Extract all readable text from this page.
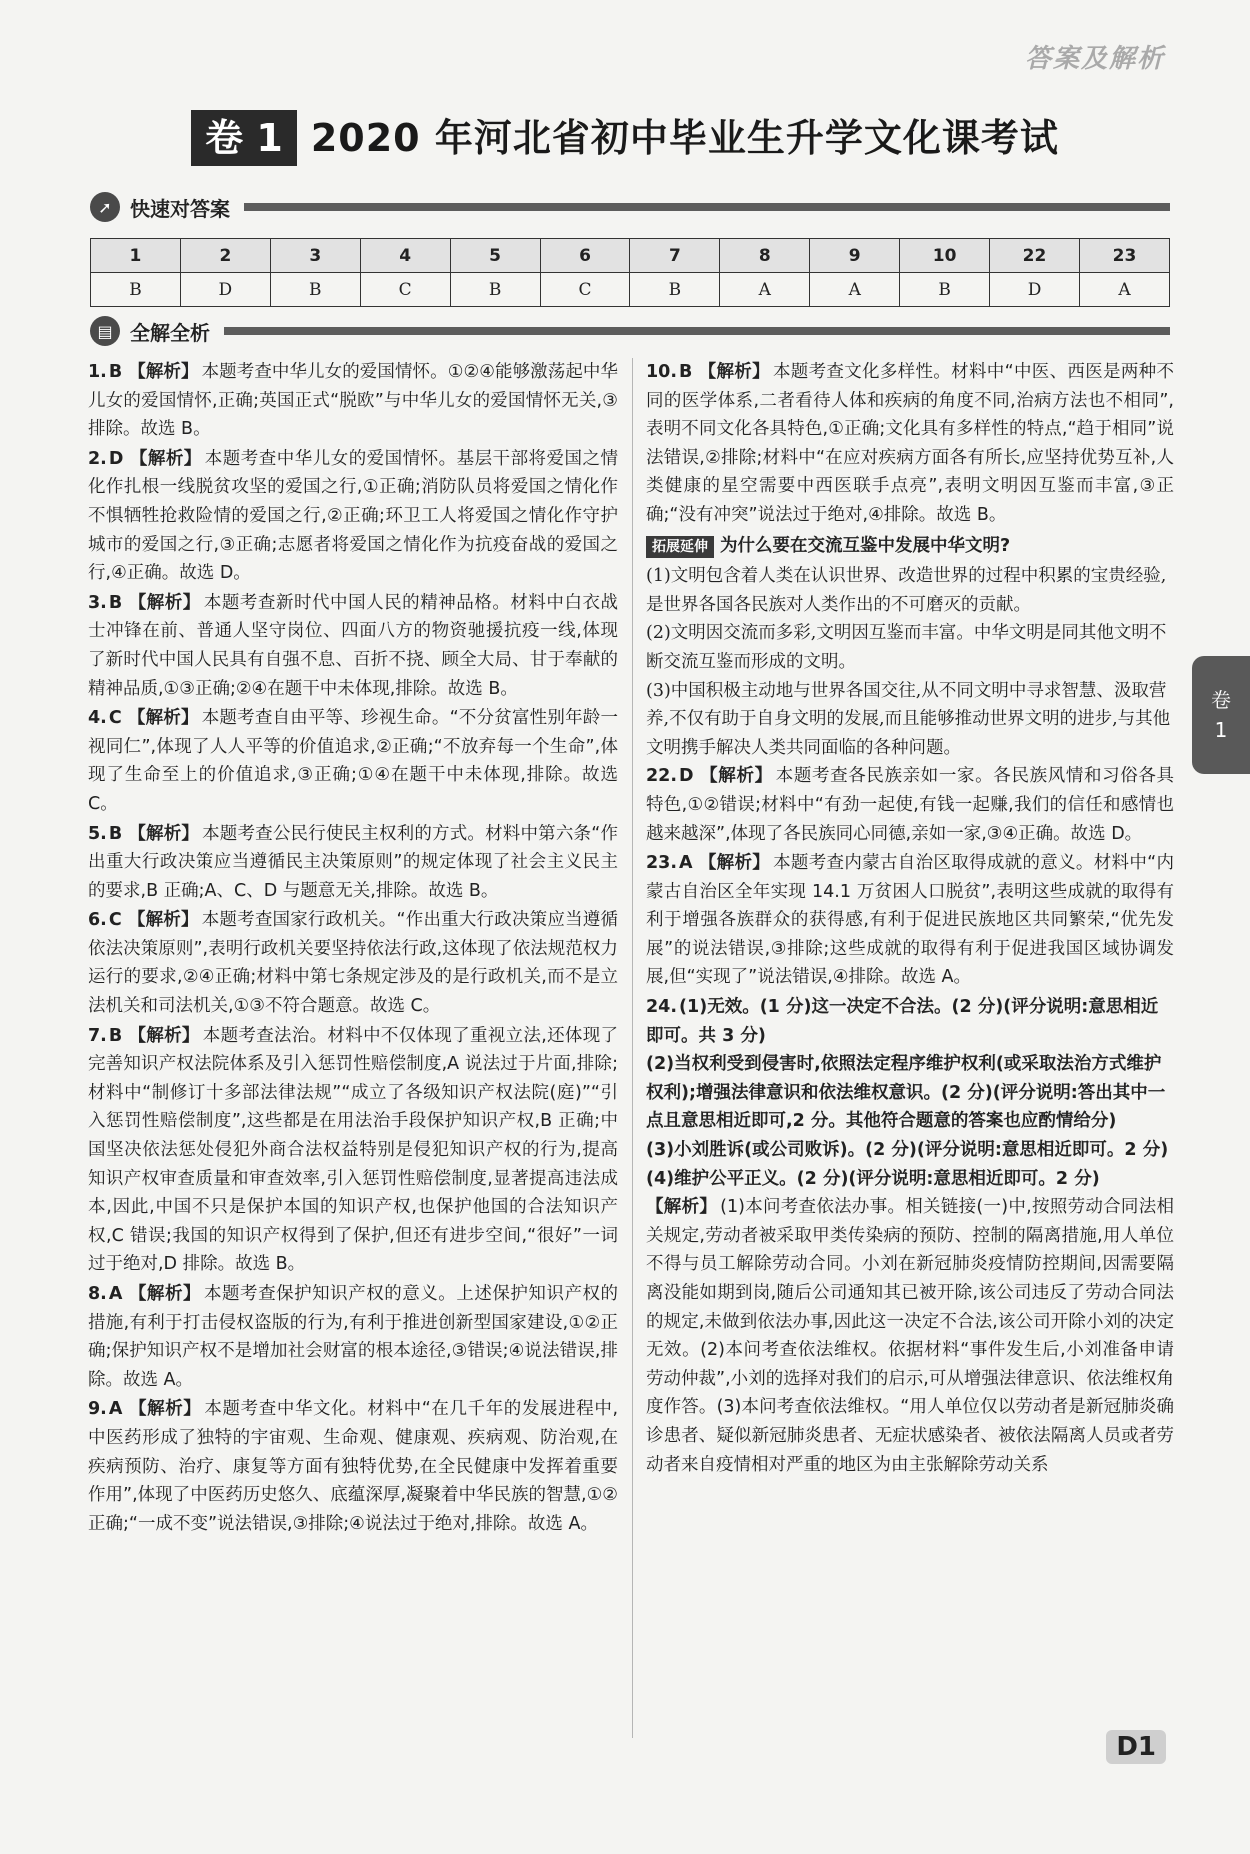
答案及解析
卷 1 2020 年河北省初中毕业生升学文化课考试
➚ 快速对答案
1	2	3	4	5	6	7	8	9	10	22	23
B	D	B	C	B	C	B	A	A	B	D	A
▤ 全解全析

1. B 【解析】 本题考查中华儿女的爱国情怀。①②④能够激荡起中华儿女的爱国情怀,正确;英国正式“脱欧”与中华儿女的爱国情怀无关,③排除。故选 B。

2. D 【解析】 本题考查中华儿女的爱国情怀。基层干部将爱国之情化作扎根一线脱贫攻坚的爱国之行,①正确;消防队员将爱国之情化作不惧牺牲抢救险情的爱国之行,②正确;环卫工人将爱国之情化作守护城市的爱国之行,③正确;志愿者将爱国之情化作为抗疫奋战的爱国之行,④正确。故选 D。

3. B 【解析】 本题考查新时代中国人民的精神品格。材料中白衣战士冲锋在前、普通人坚守岗位、四面八方的物资驰援抗疫一线,体现了新时代中国人民具有自强不息、百折不挠、顾全大局、甘于奉献的精神品质,①③正确;②④在题干中未体现,排除。故选 B。

4. C 【解析】 本题考查自由平等、珍视生命。“不分贫富性别年龄一视同仁”,体现了人人平等的价值追求,②正确;“不放弃每一个生命”,体现了生命至上的价值追求,③正确;①④在题干中未体现,排除。故选 C。

5. B 【解析】 本题考查公民行使民主权利的方式。材料中第六条“作出重大行政决策应当遵循民主决策原则”的规定体现了社会主义民主的要求,B 正确;A、C、D 与题意无关,排除。故选 B。

6. C 【解析】 本题考查国家行政机关。“作出重大行政决策应当遵循依法决策原则”,表明行政机关要坚持依法行政,这体现了依法规范权力运行的要求,②④正确;材料中第七条规定涉及的是行政机关,而不是立法机关和司法机关,①③不符合题意。故选 C。

7. B 【解析】 本题考查法治。材料中不仅体现了重视立法,还体现了完善知识产权法院体系及引入惩罚性赔偿制度,A 说法过于片面,排除;材料中“制修订十多部法律法规”“成立了各级知识产权法院(庭)”“引入惩罚性赔偿制度”,这些都是在用法治手段保护知识产权,B 正确;中国坚决依法惩处侵犯外商合法权益特别是侵犯知识产权的行为,提高知识产权审查质量和审查效率,引入惩罚性赔偿制度,显著提高违法成本,因此,中国不只是保护本国的知识产权,也保护他国的合法知识产权,C 错误;我国的知识产权得到了保护,但还有进步空间,“很好”一词过于绝对,D 排除。故选 B。

8. A 【解析】 本题考查保护知识产权的意义。上述保护知识产权的措施,有利于打击侵权盗版的行为,有利于推进创新型国家建设,①②正确;保护知识产权不是增加社会财富的根本途径,③错误;④说法错误,排除。故选 A。

9. A 【解析】 本题考查中华文化。材料中“在几千年的发展进程中,中医药形成了独特的宇宙观、生命观、健康观、疾病观、防治观,在疾病预防、治疗、康复等方面有独特优势,在全民健康中发挥着重要作用”,体现了中医药历史悠久、底蕴深厚,凝聚着中华民族的智慧,①②正确;“一成不变”说法错误,③排除;④说法过于绝对,排除。故选 A。

10. B 【解析】 本题考查文化多样性。材料中“中医、西医是两种不同的医学体系,二者看待人体和疾病的角度不同,治病方法也不相同”,表明不同文化各具特色,①正确;文化具有多样性的特点,“趋于相同”说法错误,②排除;材料中“在应对疾病方面各有所长,应坚持优势互补,人类健康的星空需要中西医联手点亮”,表明文明因互鉴而丰富,③正确;“没有冲突”说法过于绝对,④排除。故选 B。

拓展延伸 为什么要在交流互鉴中发展中华文明?

(1)文明包含着人类在认识世界、改造世界的过程中积累的宝贵经验,是世界各国各民族对人类作出的不可磨灭的贡献。

(2)文明因交流而多彩,文明因互鉴而丰富。中华文明是同其他文明不断交流互鉴而形成的文明。

(3)中国积极主动地与世界各国交往,从不同文明中寻求智慧、汲取营养,不仅有助于自身文明的发展,而且能够推动世界文明的进步,与其他文明携手解决人类共同面临的各种问题。

22. D 【解析】 本题考查各民族亲如一家。各民族风情和习俗各具特色,①②错误;材料中“有劲一起使,有钱一起赚,我们的信任和感情也越来越深”,体现了各民族同心同德,亲如一家,③④正确。故选 D。

23. A 【解析】 本题考查内蒙古自治区取得成就的意义。材料中“内蒙古自治区全年实现 14.1 万贫困人口脱贫”,表明这些成就的取得有利于增强各族群众的获得感,有利于促进民族地区共同繁荣,“优先发展”的说法错误,③排除;这些成就的取得有利于促进我国区域协调发展,但“实现了”说法错误,④排除。故选 A。

24. (1)无效。(1 分)这一决定不合法。(2 分)(评分说明:意思相近即可。共 3 分)

(2)当权利受到侵害时,依照法定程序维护权利(或采取法治方式维护权利);增强法律意识和依法维权意识。(2 分)(评分说明:答出其中一点且意思相近即可,2 分。其他符合题意的答案也应酌情给分)

(3)小刘胜诉(或公司败诉)。(2 分)(评分说明:意思相近即可。2 分)

(4)维护公平正义。(2 分)(评分说明:意思相近即可。2 分)

【解析】 (1)本问考查依法办事。相关链接(一)中,按照劳动合同法相关规定,劳动者被采取甲类传染病的预防、控制的隔离措施,用人单位不得与员工解除劳动合同。小刘在新冠肺炎疫情防控期间,因需要隔离没能如期到岗,随后公司通知其已被开除,该公司违反了劳动合同法的规定,未做到依法办事,因此这一决定不合法,该公司开除小刘的决定无效。(2)本问考查依法维权。依据材料“事件发生后,小刘准备申请劳动仲裁”,小刘的选择对我们的启示,可从增强法律意识、依法维权角度作答。(3)本问考查依法维权。“用人单位仅以劳动者是新冠肺炎确诊患者、疑似新冠肺炎患者、无症状感染者、被依法隔离人员或者劳动者来自疫情相对严重的地区为由主张解除劳动关系

卷
1
D1
